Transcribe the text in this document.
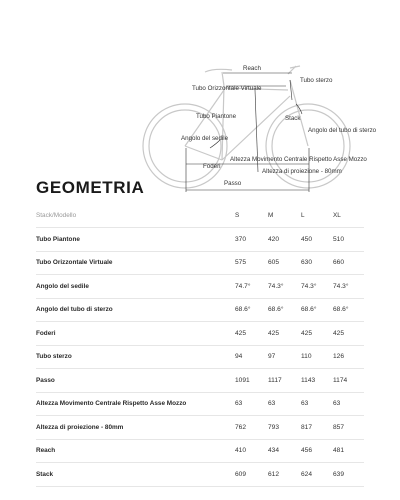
Reach
Tubo sterzo
Tubo Orizzontale Virtuale
Tubo Piantone	Stack
Angolo del sedile
Angolo del tubo di sterzo
Foderi
Altezza Movimento Centrale Rispetto Asse Mozzo
Altezza di proiezione - 80mm
Passo
GEOMETRIA
Stack/Modello	S	M	L	XL
Tubo Piantone	370	420	450	510
Tubo Orizzontale Virtuale	575	605	630	660
Angolo del sedile	74.7°	74.3°	74.3°	74.3°
Angolo del tubo di sterzo	68.6°	68.6°	68.6°	68.6°
Foderi	425	425	425	425
Tubo sterzo	94	97	110	126
Passo	1091	1117	1143	1174
Altezza Movimento Centrale Rispetto Asse Mozzo	63	63	63	63
Altezza di proiezione - 80mm	762	793	817	857
Reach	410	434	456	481
Stack	609	612	624	639
